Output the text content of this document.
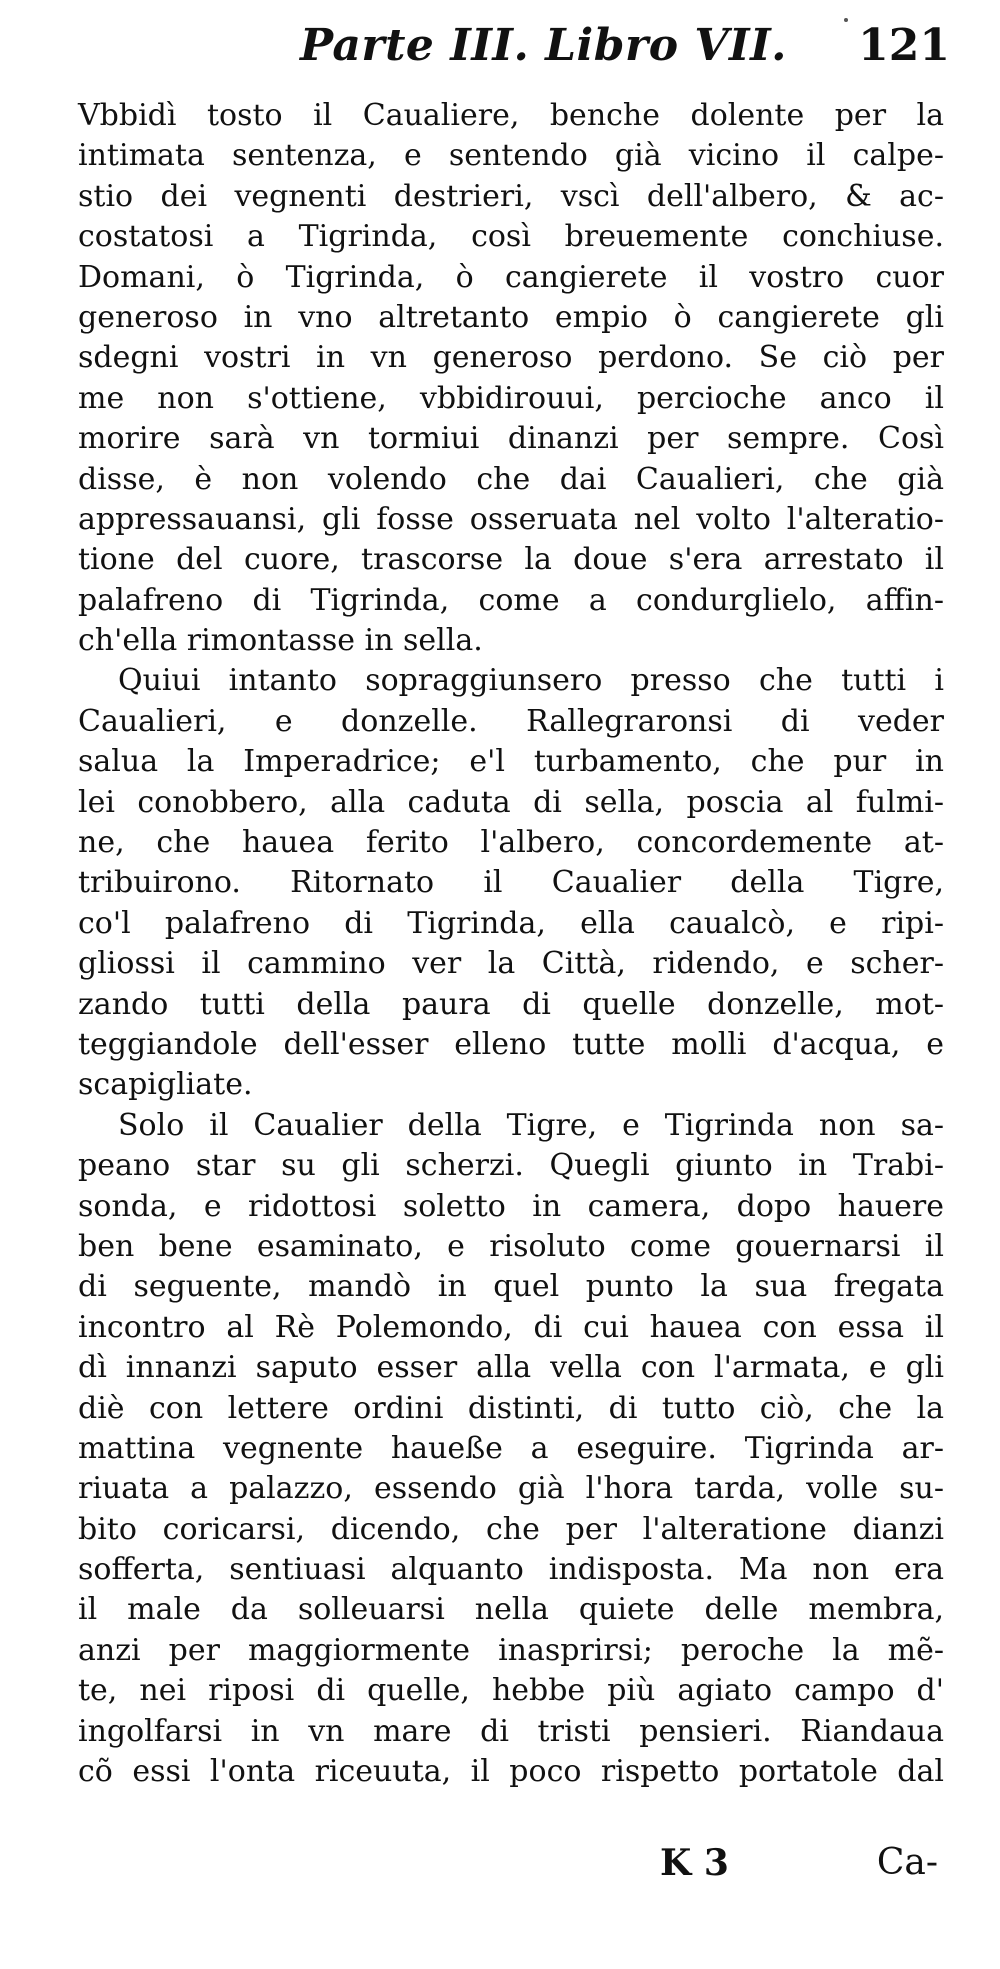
Parte III. Libro VII. 121
Vbbidì tosto il Caualiere, benche dolente per la
intimata sentenza, e sentendo già vicino il calpe-
stio dei vegnenti destrieri, vscì dell'albero, & ac-
costatosi a Tigrinda, così breuemente conchiuse.
Domani, ò Tigrinda, ò cangierete il vostro cuor
generoso in vno altretanto empio ò cangierete gli
sdegni vostri in vn generoso perdono. Se ciò per
me non s'ottiene, vbbidirouui, percioche anco il
morire sarà vn tormiui dinanzi per sempre. Così
disse, è non volendo che dai Caualieri, che già
appressauansi, gli fosse osseruata nel volto l'alteratio-
tione del cuore, trascorse la doue s'era arrestato il
palafreno di Tigrinda, come a condurglielo, affin-
ch'ella rimontasse in sella.
Quiui intanto sopraggiunsero presso che tutti i
Caualieri, e donzelle. Rallegraronsi di veder
salua la Imperadrice; e'l turbamento, che pur in
lei conobbero, alla caduta di sella, poscia al fulmi-
ne, che hauea ferito l'albero, concordemente at-
tribuirono. Ritornato il Caualier della Tigre,
co'l palafreno di Tigrinda, ella caualcò, e ripi-
gliossi il cammino ver la Città, ridendo, e scher-
zando tutti della paura di quelle donzelle, mot-
teggiandole dell'esser elleno tutte molli d'acqua, e
scapigliate.
Solo il Caualier della Tigre, e Tigrinda non sa-
peano star su gli scherzi. Quegli giunto in Trabi-
sonda, e ridottosi soletto in camera, dopo hauere
ben bene esaminato, e risoluto come gouernarsi il
di seguente, mandò in quel punto la sua fregata
incontro al Rè Polemondo, di cui hauea con essa il
dì innanzi saputo esser alla vella con l'armata, e gli
diè con lettere ordini distinti, di tutto ciò, che la
mattina vegnente haueße a eseguire. Tigrinda ar-
riuata a palazzo, essendo già l'hora tarda, volle su-
bito coricarsi, dicendo, che per l'alteratione dianzi
sofferta, sentiuasi alquanto indisposta. Ma non era
il male da solleuarsi nella quiete delle membra,
anzi per maggiormente inasprirsi; peroche la mẽ-
te, nei riposi di quelle, hebbe più agiato campo d'
ingolfarsi in vn mare di tristi pensieri. Riandaua
cõ essi l'onta riceuuta, il poco rispetto portatole dal
K 3	Ca-
